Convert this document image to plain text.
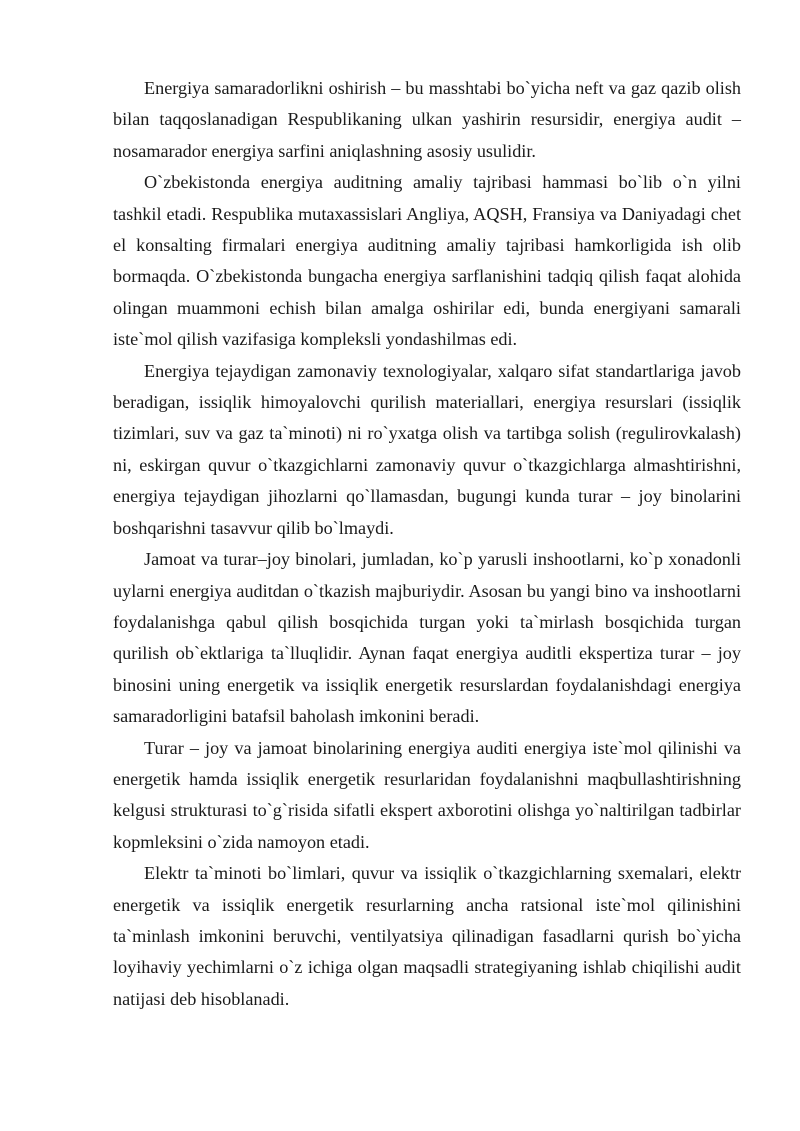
Energiya samaradorlikni oshirish – bu masshtabi bo`yicha neft va gaz qazib olish bilan taqqoslanadigan Respublikaning ulkan yashirin resursidir, energiya audit – nosamarador energiya sarfini aniqlashning asosiy usulidir.

O`zbekistonda energiya auditning amaliy tajribasi hammasi bo`lib o`n yilni tashkil etadi. Respublika mutaxassislari Angliya, AQSH, Fransiya va Daniyadagi chet el konsalting firmalari energiya auditning amaliy tajribasi hamkorligida ish olib bormaqda. O`zbekistonda bungacha energiya sarflanishini tadqiq qilish faqat alohida olingan muammoni echish bilan amalga oshirilar edi, bunda energiyani samarali iste`mol qilish vazifasiga kompleksli yondashilmas edi.

Energiya tejaydigan zamonaviy texnologiyalar, xalqaro sifat standartlariga javob beradigan, issiqlik himoyalovchi qurilish materiallari, energiya resurslari (issiqlik tizimlari, suv va gaz ta`minoti) ni ro`yxatga olish va tartibga solish (regulirovkalash) ni, eskirgan quvur o`tkazgichlarni zamonaviy quvur o`tkazgichlarga almashtirishni, energiya tejaydigan jihozlarni qo`llamasdan, bugungi kunda turar – joy binolarini boshqarishni tasavvur qilib bo`lmaydi.

Jamoat va turar–joy binolari, jumladan, ko`p yarusli inshootlarni, ko`p xonadonli uylarni energiya auditdan o`tkazish majburiydir. Asosan bu yangi bino va inshootlarni foydalanishga qabul qilish bosqichida turgan yoki ta`mirlash bosqichida turgan qurilish ob`ektlariga ta`lluqlidir. Aynan faqat energiya auditli ekspertiza turar – joy binosini uning energetik va issiqlik energetik resurslardan foydalanishdagi energiya samaradorligini batafsil baholash imkonini beradi.

Turar – joy va jamoat binolarining energiya auditi energiya iste`mol qilinishi va energetik hamda issiqlik energetik resurlaridan foydalanishni maqbullashtirishning kelgusi strukturasi to`g`risida sifatli ekspert axborotini olishga yo`naltirilgan tadbirlar kopmleksini o`zida namoyon etadi.

Elektr ta`minoti bo`limlari, quvur va issiqlik o`tkazgichlarning sxemalari, elektr energetik va issiqlik energetik resurlarning ancha ratsional iste`mol qilinishini ta`minlash imkonini beruvchi, ventilyatsiya qilinadigan fasadlarni qurish bo`yicha loyihaviy yechimlarni o`z ichiga olgan maqsadli strategiyaning ishlab chiqilishi audit natijasi deb hisoblanadi.
